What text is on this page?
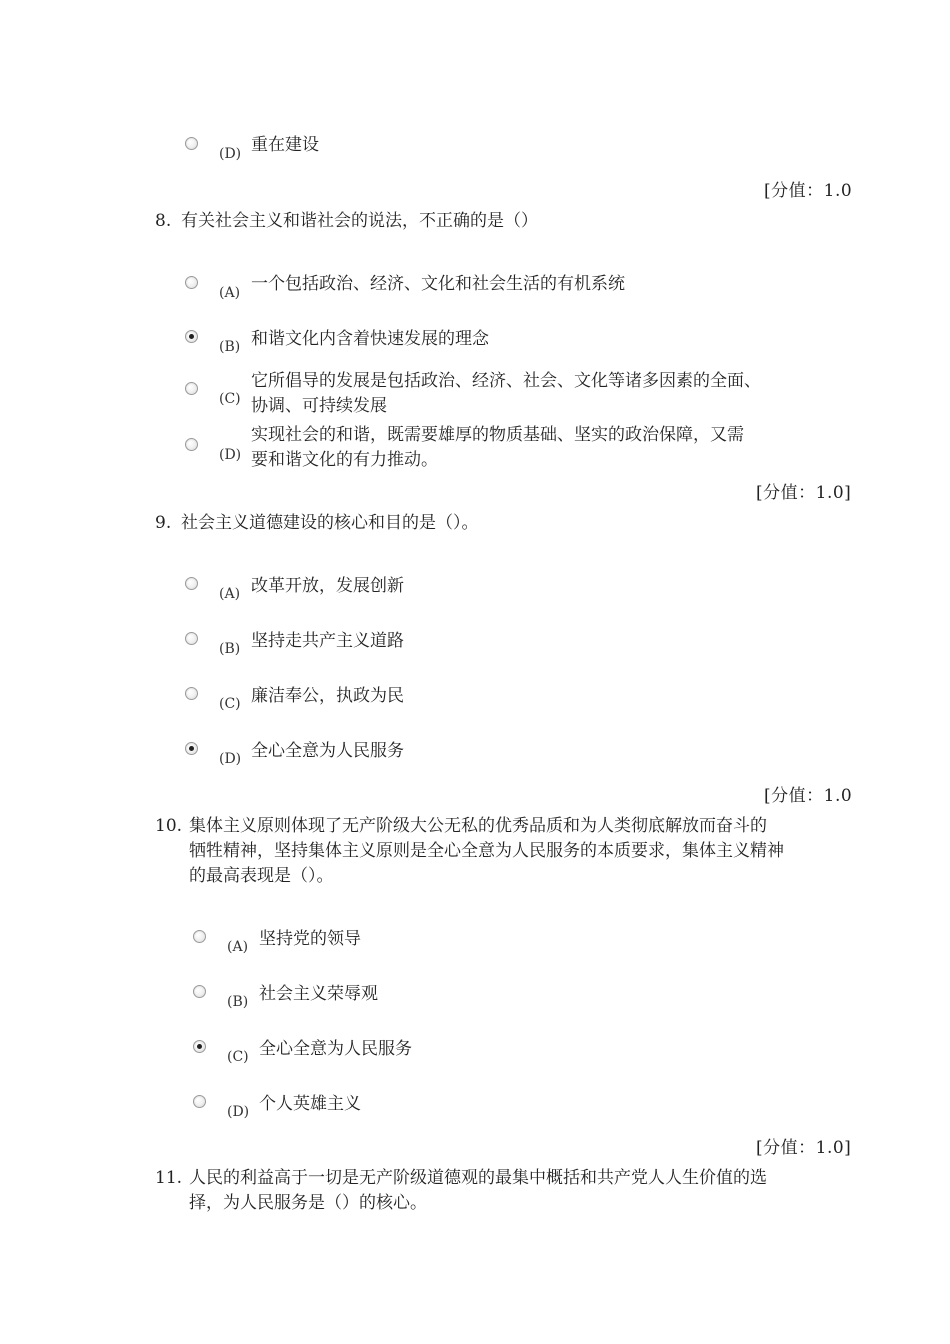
(D) 重在建设
[分值：1.0
8. 有关社会主义和谐社会的说法，不正确的是（）
(A) 一个包括政治、经济、文化和社会生活的有机系统
(B) 和谐文化内含着快速发展的理念
(C)
它所倡导的发展是包括政治、经济、社会、文化等诸多因素的全面、
协调、可持续发展
(D)
实现社会的和谐，既需要雄厚的物质基础、坚实的政治保障，又需
要和谐文化的有力推动。
[分值：1.0]
9. 社会主义道德建设的核心和目的是（）。
(A) 改革开放，发展创新
(B) 坚持走共产主义道路
(C) 廉洁奉公，执政为民
(D) 全心全意为人民服务
[分值：1.0
10. 集体主义原则体现了无产阶级大公无私的优秀品质和为人类彻底解放而奋斗的
牺牲精神，坚持集体主义原则是全心全意为人民服务的本质要求，集体主义精神
的最高表现是（）。
(A) 坚持党的领导
(B) 社会主义荣辱观
(C) 全心全意为人民服务
(D) 个人英雄主义
[分值：1.0]
11. 人民的利益高于一切是无产阶级道德观的最集中概括和共产党人人生价值的选
择，为人民服务是（）的核心。
